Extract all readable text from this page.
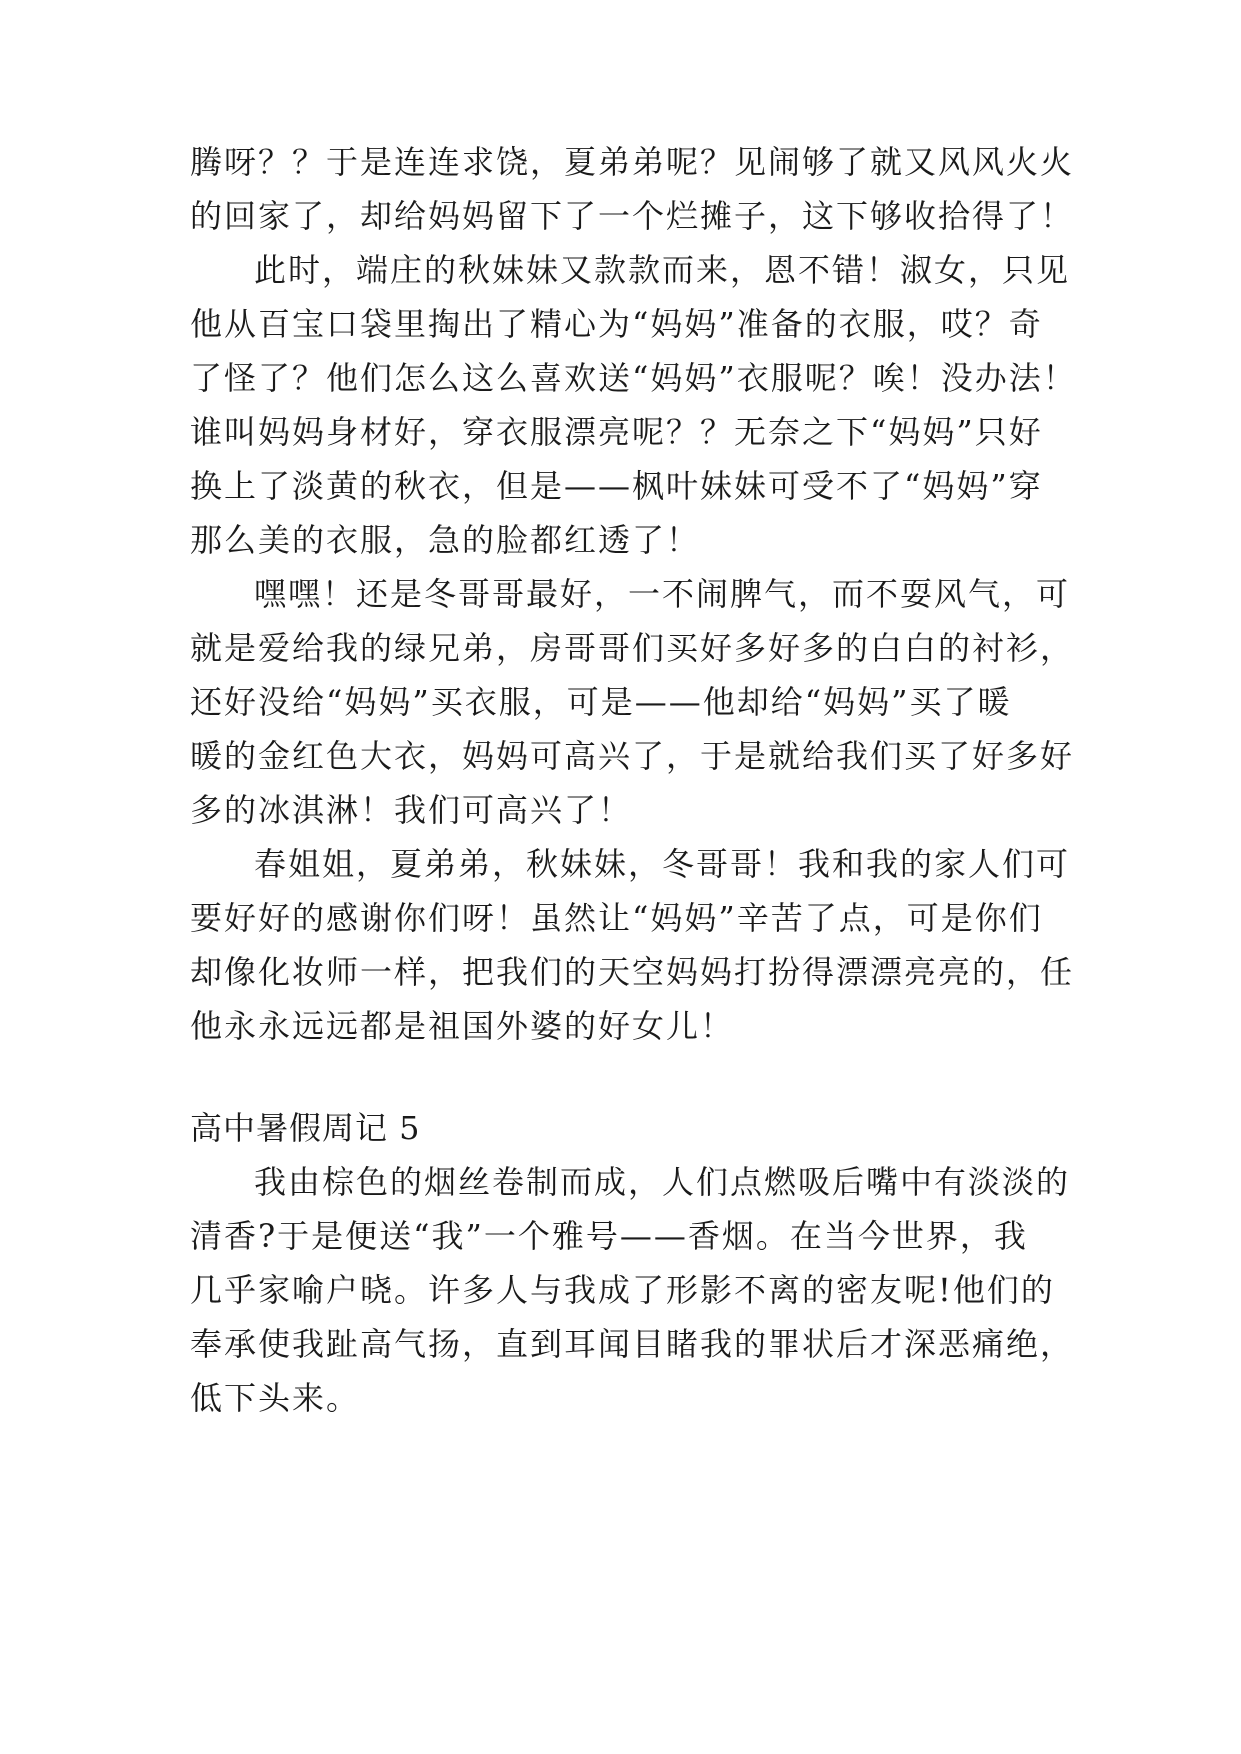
腾呀？？于是连连求饶，夏弟弟呢？见闹够了就又风风火火
的回家了，却给妈妈留下了一个烂摊子，这下够收拾得了！
此时，端庄的秋妹妹又款款而来，恩不错！淑女，只见
他从百宝口袋里掏出了精心为“妈妈”准备的衣服，哎？奇
了怪了？他们怎么这么喜欢送“妈妈”衣服呢？唉！没办法！
谁叫妈妈身材好，穿衣服漂亮呢？？无奈之下“妈妈”只好
换上了淡黄的秋衣，但是——枫叶妹妹可受不了“妈妈”穿
那么美的衣服，急的脸都红透了！
嘿嘿！还是冬哥哥最好，一不闹脾气，而不耍风气，可
就是爱给我的绿兄弟，房哥哥们买好多好多的白白的衬衫，
还好没给“妈妈”买衣服，可是——他却给“妈妈”买了暖
暖的金红色大衣，妈妈可高兴了，于是就给我们买了好多好
多的冰淇淋！我们可高兴了！
春姐姐，夏弟弟，秋妹妹，冬哥哥！我和我的家人们可
要好好的感谢你们呀！虽然让“妈妈”辛苦了点，可是你们
却像化妆师一样，把我们的天空妈妈打扮得漂漂亮亮的，任
他永永远远都是祖国外婆的好女儿！
高中暑假周记 5
我由棕色的烟丝卷制而成，人们点燃吸后嘴中有淡淡的
清香?于是便送“我”一个雅号——香烟。在当今世界，我
几乎家喻户晓。许多人与我成了形影不离的密友呢!他们的
奉承使我趾高气扬，直到耳闻目睹我的罪状后才深恶痛绝，
低下头来。
